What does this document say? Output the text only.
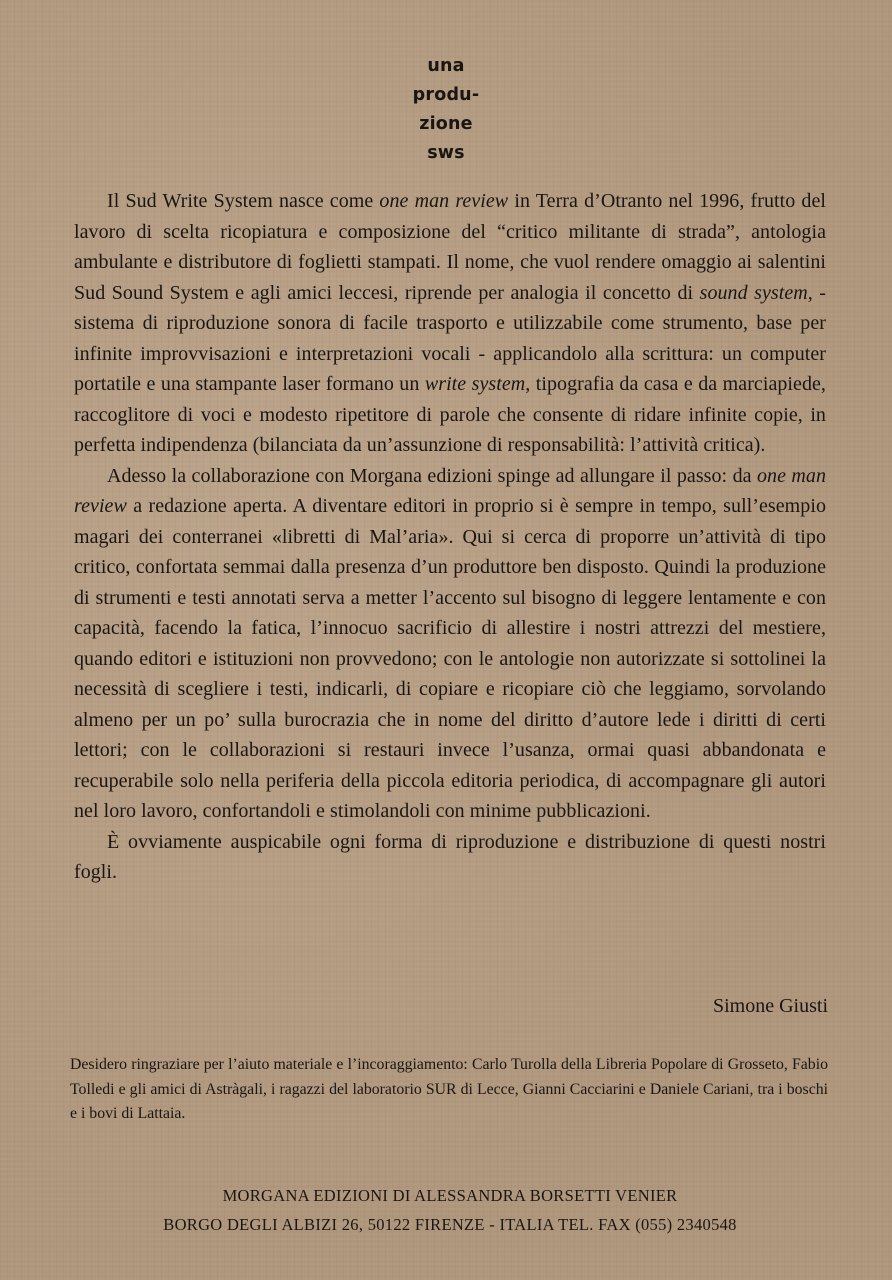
una
produ-
zione
sws

Il Sud Write System nasce come one man review in Terra d’Otranto nel 1996, frutto del lavoro di scelta ricopiatura e composizione del “critico militante di strada”, antologia ambulante e distributore di foglietti stampati. Il nome, che vuol rendere omaggio ai salentini Sud Sound System e agli amici leccesi, riprende per analogia il concetto di sound system, - sistema di riproduzione sonora di facile trasporto e utilizzabile come strumento, base per infinite improvvisazioni e interpretazioni vocali - applicandolo alla scrittura: un computer portatile e una stampante laser formano un write system, tipografia da casa e da marciapiede, raccoglitore di voci e modesto ripetitore di parole che consente di ridare infinite copie, in perfetta indipendenza (bilanciata da un’assunzione di responsabilità: l’attività critica).

Adesso la collaborazione con Morgana edizioni spinge ad allungare il passo: da one man review a redazione aperta. A diventare editori in proprio si è sempre in tempo, sull’esempio magari dei conterranei «libretti di Mal’aria». Qui si cerca di proporre un’attività di tipo critico, confortata semmai dalla presenza d’un produttore ben disposto. Quindi la produzione di strumenti e testi annotati serva a metter l’accento sul bisogno di leggere lentamente e con capacità, facendo la fatica, l’innocuo sacrificio di allestire i nostri attrezzi del mestiere, quando editori e istituzioni non provvedono; con le antologie non autorizzate si sottolinei la necessità di scegliere i testi, indicarli, di copiare e ricopiare ciò che leggiamo, sorvolando almeno per un po’ sulla burocrazia che in nome del diritto d’autore lede i diritti di certi lettori; con le collaborazioni si restauri invece l’usanza, ormai quasi abbandonata e recuperabile solo nella periferia della piccola editoria periodica, di accompagnare gli autori nel loro lavoro, confortandoli e stimolandoli con minime pubblicazioni.

È ovviamente auspicabile ogni forma di riproduzione e distribuzione di questi nostri fogli.

Simone Giusti
Desidero ringraziare per l’aiuto materiale e l’incoraggiamento: Carlo Turolla della Libreria Popolare di Grosseto, Fabio Tolledi e gli amici di Astràgali, i ragazzi del laboratorio SUR di Lecce, Gianni Cacciarini e Daniele Cariani, tra i boschi e i bovi di Lattaia.
MORGANA EDIZIONI DI ALESSANDRA BORSETTI VENIER
BORGO DEGLI ALBIZI 26, 50122 FIRENZE - ITALIA TEL. FAX (055) 2340548
